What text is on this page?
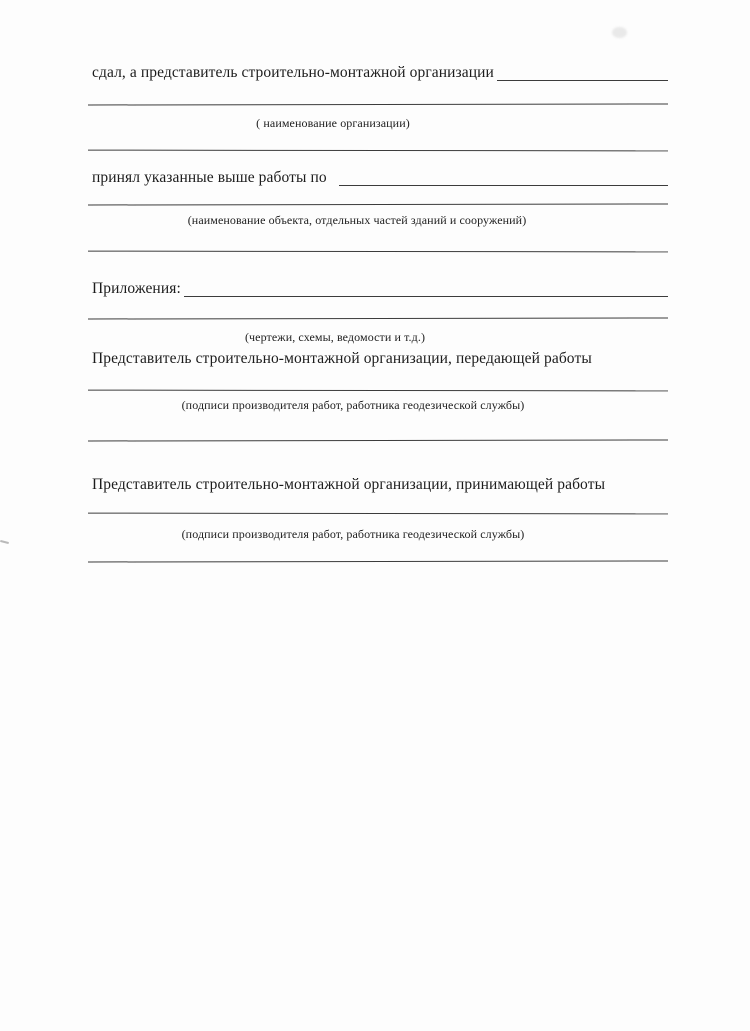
сдал, а представитель строительно-монтажной организации
( наименование организации)
принял указанные выше работы по
(наименование объекта, отдельных частей зданий и сооружений)
Приложения:
(чертежи, схемы, ведомости и т.д.)
Представитель строительно-монтажной организации, передающей работы
(подписи производителя работ, работника геодезической службы)
Представитель строительно-монтажной организации, принимающей работы
(подписи производителя работ, работника геодезической службы)
